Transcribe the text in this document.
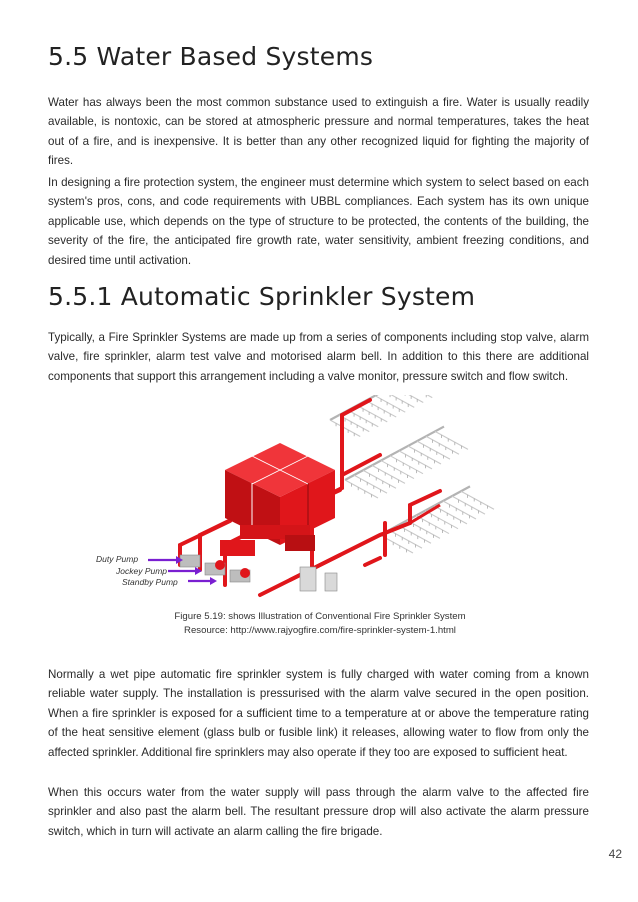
5.5 Water Based Systems

Water has always been the most common substance used to extinguish a fire. Water is usually readily available, is nontoxic, can be stored at atmospheric pressure and normal temperatures, takes the heat out of a fire, and is inexpensive. It is better than any other recognized liquid for fighting the majority of fires.

In designing a fire protection system, the engineer must determine which system to select based on each system's pros, cons, and code requirements with UBBL compliances. Each system has its own unique applicable use, which depends on the type of structure to be protected, the contents of the building, the severity of the fire, the anticipated fire growth rate, water sensitivity, ambient freezing conditions, and desired time until activation.

5.5.1 Automatic Sprinkler System

Typically, a Fire Sprinkler Systems are made up from a series of components including stop valve, alarm valve, fire sprinkler, alarm test valve and motorised alarm bell. In addition to this there are additional components that support this arrangement including a valve monitor, pressure switch and flow switch.

Duty Pump
Jockey Pump
Standby Pump
Figure 5.19: shows Illustration of Conventional Fire Sprinkler System
Resource: http://www.rajyogfire.com/fire-sprinkler-system-1.html

Normally a wet pipe automatic fire sprinkler system is fully charged with water coming from a known reliable water supply. The installation is pressurised with the alarm valve secured in the open position. When a fire sprinkler is exposed for a sufficient time to a temperature at or above the temperature rating of the heat sensitive element (glass bulb or fusible link) it releases, allowing water to flow from only the affected sprinkler. Additional fire sprinklers may also operate if they too are exposed to sufficient heat.

When this occurs water from the water supply will pass through the alarm valve to the affected fire sprinkler and also past the alarm bell. The resultant pressure drop will also activate the alarm pressure switch, which in turn will activate an alarm calling the fire brigade.

42
